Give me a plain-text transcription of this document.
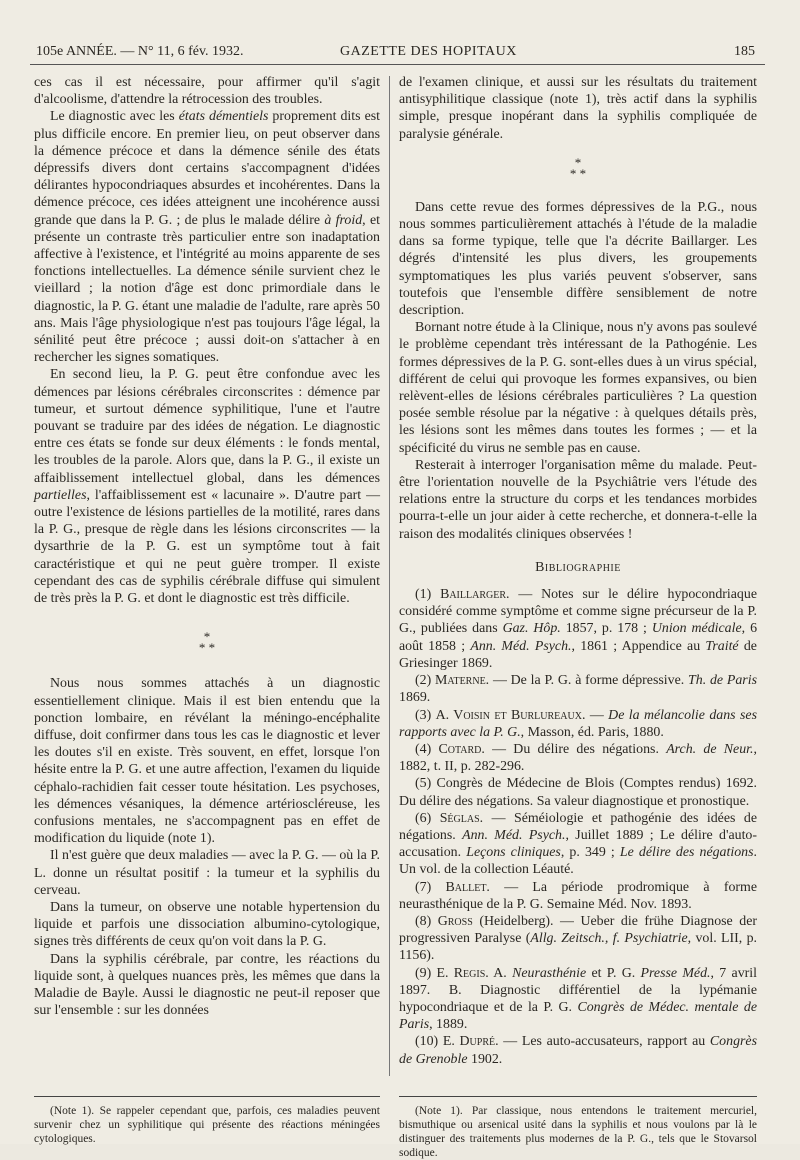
105e ANNÉE. — N° 11, 6 fév. 1932.	GAZETTE DES HOPITAUX	185

ces cas il est nécessaire, pour affirmer qu'il s'agit d'alcoolisme, d'attendre la rétrocession des troubles.

Le diagnostic avec les états démentiels proprement dits est plus difficile encore. En premier lieu, on peut observer dans la démence précoce et dans la démence sénile des états dépressifs divers dont certains s'accompagnent d'idées délirantes hypocondriaques absurdes et incohérentes. Dans la démence précoce, ces idées atteignent une incohérence aussi grande que dans la P. G. ; de plus le malade délire à froid, et présente un contraste très particulier entre son inadaptation affective à l'existence, et l'intégrité au moins apparente de ses fonctions intellectuelles. La démence sénile survient chez le vieillard ; la notion d'âge est donc primordiale dans le diagnostic, la P. G. étant une maladie de l'adulte, rare après 50 ans. Mais l'âge physiologique n'est pas toujours l'âge légal, la sénilité peut être précoce ; aussi doit-on s'attacher à en rechercher les signes somatiques.

En second lieu, la P. G. peut être confondue avec les démences par lésions cérébrales circonscrites : démence par tumeur, et surtout démence syphilitique, l'une et l'autre pouvant se traduire par des idées de négation. Le diagnostic entre ces états se fonde sur deux éléments : le fonds mental, les troubles de la parole. Alors que, dans la P. G., il existe un affaiblissement intellectuel global, dans les démences partielles, l'affaiblissement est « lacunaire ». D'autre part — outre l'existence de lésions partielles de la motilité, rares dans la P. G., presque de règle dans les lésions circonscrites — la dysarthrie de la P. G. est un symptôme tout à fait caractéristique et qui ne peut guère tromper. Il existe cependant des cas de syphilis cérébrale diffuse qui simulent de très près la P. G. et dont le diagnostic est très difficile.

*
* *

Nous nous sommes attachés à un diagnostic essentiellement clinique. Mais il est bien entendu que la ponction lombaire, en révélant la méningo-encéphalite diffuse, doit confirmer dans tous les cas le diagnostic et lever les doutes s'il en existe. Très souvent, en effet, lorsque l'on hésite entre la P. G. et une autre affection, l'examen du liquide céphalo-rachidien fait cesser toute hésitation. Les psychoses, les démences vésaniques, la démence artérioscléreuse, les confusions mentales, ne s'accompagnent pas en effet de modification du liquide (note 1).

Il n'est guère que deux maladies — avec la P. G. — où la P. L. donne un résultat positif : la tumeur et la syphilis du cerveau.

Dans la tumeur, on observe une notable hypertension du liquide et parfois une dissociation albumino-cytologique, signes très différents de ceux qu'on voit dans la P. G.

Dans la syphilis cérébrale, par contre, les réactions du liquide sont, à quelques nuances près, les mêmes que dans la Maladie de Bayle. Aussi le diagnostic ne peut-il reposer que sur l'ensemble : sur les données

de l'examen clinique, et aussi sur les résultats du traitement antisyphilitique classique (note 1), très actif dans la syphilis simple, presque inopérant dans la syphilis compliquée de paralysie générale.

*
* *

Dans cette revue des formes dépressives de la P.G., nous nous sommes particulièrement attachés à l'étude de la maladie dans sa forme typique, telle que l'a décrite Baillarger. Les dégrés d'intensité les plus divers, les groupements symptomatiques les plus variés peuvent s'observer, sans toutefois que l'ensemble diffère sensiblement de notre description.

Bornant notre étude à la Clinique, nous n'y avons pas soulevé le problème cependant très intéressant de la Pathogénie. Les formes dépressives de la P. G. sont-elles dues à un virus spécial, différent de celui qui provoque les formes expansives, ou bien relèvent-elles de lésions cérébrales particulières ? La question posée semble résolue par la négative : à quelques détails près, les lésions sont les mêmes dans toutes les formes ; — et la spécificité du virus ne semble pas en cause.

Resterait à interroger l'organisation même du malade. Peut-être l'orientation nouvelle de la Psychiâtrie vers l'étude des relations entre la structure du corps et les tendances morbides pourra-t-elle un jour aider à cette recherche, et donnera-t-elle la raison des modalités cliniques observées !

Bibliographie

(1) Baillarger. — Notes sur le délire hypocondriaque considéré comme symptôme et comme signe précurseur de la P. G., publiées dans Gaz. Hôp. 1857, p. 178 ; Union médicale, 6 août 1858 ; Ann. Méd. Psych., 1861 ; Appendice au Traité de Griesinger 1869.

(2) Materne. — De la P. G. à forme dépressive. Th. de Paris 1869.

(3) A. Voisin et Burlureaux. — De la mélancolie dans ses rapports avec la P. G., Masson, éd. Paris, 1880.

(4) Cotard. — Du délire des négations. Arch. de Neur., 1882, t. II, p. 282-296.

(5) Congrès de Médecine de Blois (Comptes rendus) 1692. Du délire des négations. Sa valeur diagnostique et pronostique.

(6) Séglas. — Séméiologie et pathogénie des idées de négations. Ann. Méd. Psych., Juillet 1889 ; Le délire d'auto-accusation. Leçons cliniques, p. 349 ; Le délire des négations. Un vol. de la collection Léauté.

(7) Ballet. — La période prodromique à forme neurasthénique de la P. G. Semaine Méd. Nov. 1893.

(8) Gross (Heidelberg). — Ueber die frühe Diagnose der progressiven Paralyse (Allg. Zeitsch., f. Psychiatrie, vol. LII, p. 1156).

(9) E. Regis. A. Neurasthénie et P. G. Presse Méd., 7 avril 1897. B. Diagnostic différentiel de la lypémanie hypocondriaque et de la P. G. Congrès de Médec. mentale de Paris, 1889.

(10) E. Dupré. — Les auto-accusateurs, rapport au Congrès de Grenoble 1902.

(Note 1). Se rappeler cependant que, parfois, ces maladies peuvent survenir chez un syphilitique qui présente des réactions méningées cytologiques.

(Note 1). Par classique, nous entendons le traitement mercuriel, bismuthique ou arsenical usité dans la syphilis et nous voulons par là le distinguer des traitements plus modernes de la P. G., tels que le Stovarsol sodique.
